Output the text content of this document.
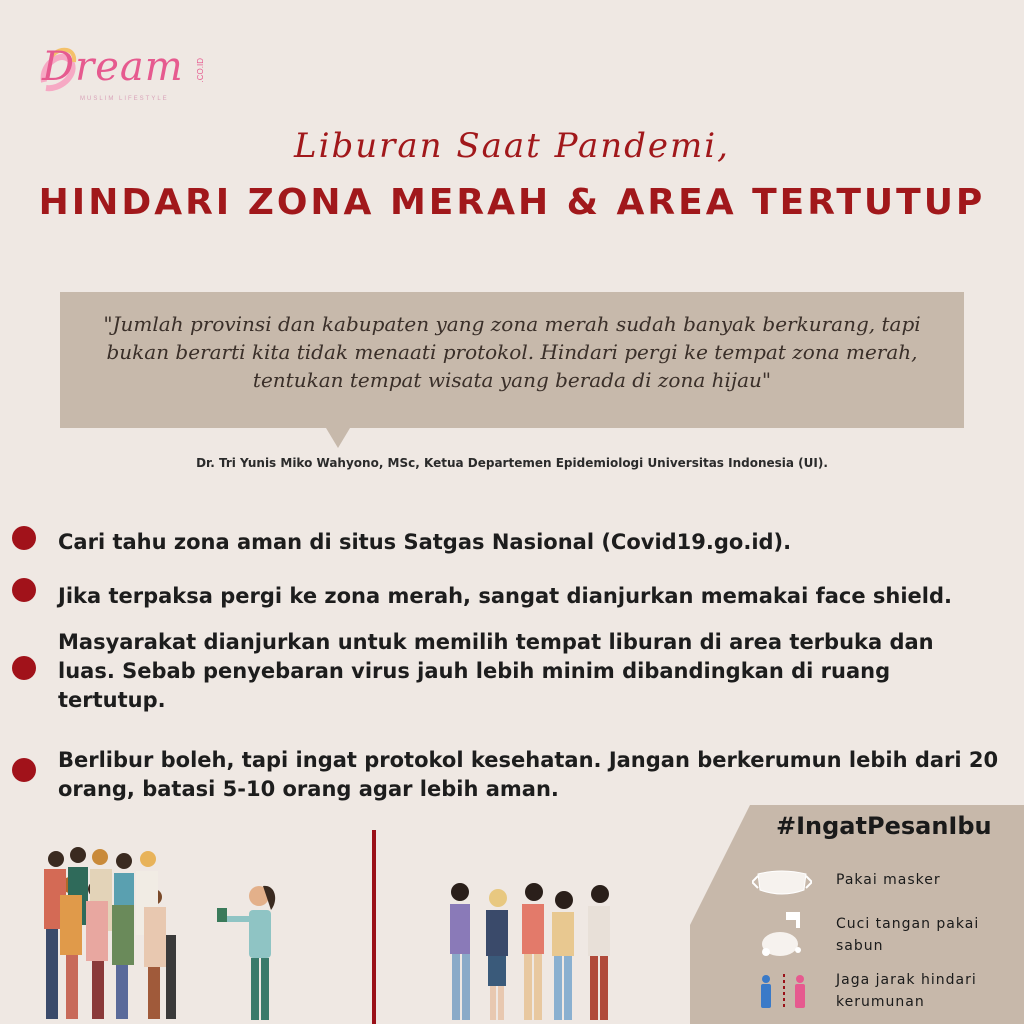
Dream .CO.ID
MUSLIM LIFESTYLE
Liburan Saat Pandemi,
HINDARI ZONA MERAH & AREA TERTUTUP
"Jumlah provinsi dan kabupaten yang zona merah sudah banyak berkurang, tapi bukan berarti kita tidak menaati protokol. Hindari pergi ke tempat zona merah, tentukan tempat wisata yang berada di zona hijau"
Dr. Tri Yunis Miko Wahyono, MSc, Ketua Departemen Epidemiologi Universitas Indonesia (UI).
Cari tahu zona aman di situs Satgas Nasional (Covid19.go.id).
Jika terpaksa pergi ke zona merah, sangat dianjurkan memakai face shield.
Masyarakat dianjurkan untuk memilih tempat liburan di area terbuka dan luas. Sebab penyebaran virus jauh lebih minim dibandingkan di ruang tertutup.
Berlibur boleh, tapi ingat protokol kesehatan. Jangan berkerumun lebih dari 20 orang, batasi 5-10 orang agar lebih aman.
#IngatPesanIbu
Pakai masker
Cuci tangan pakai sabun
Jaga jarak hindari kerumunan
